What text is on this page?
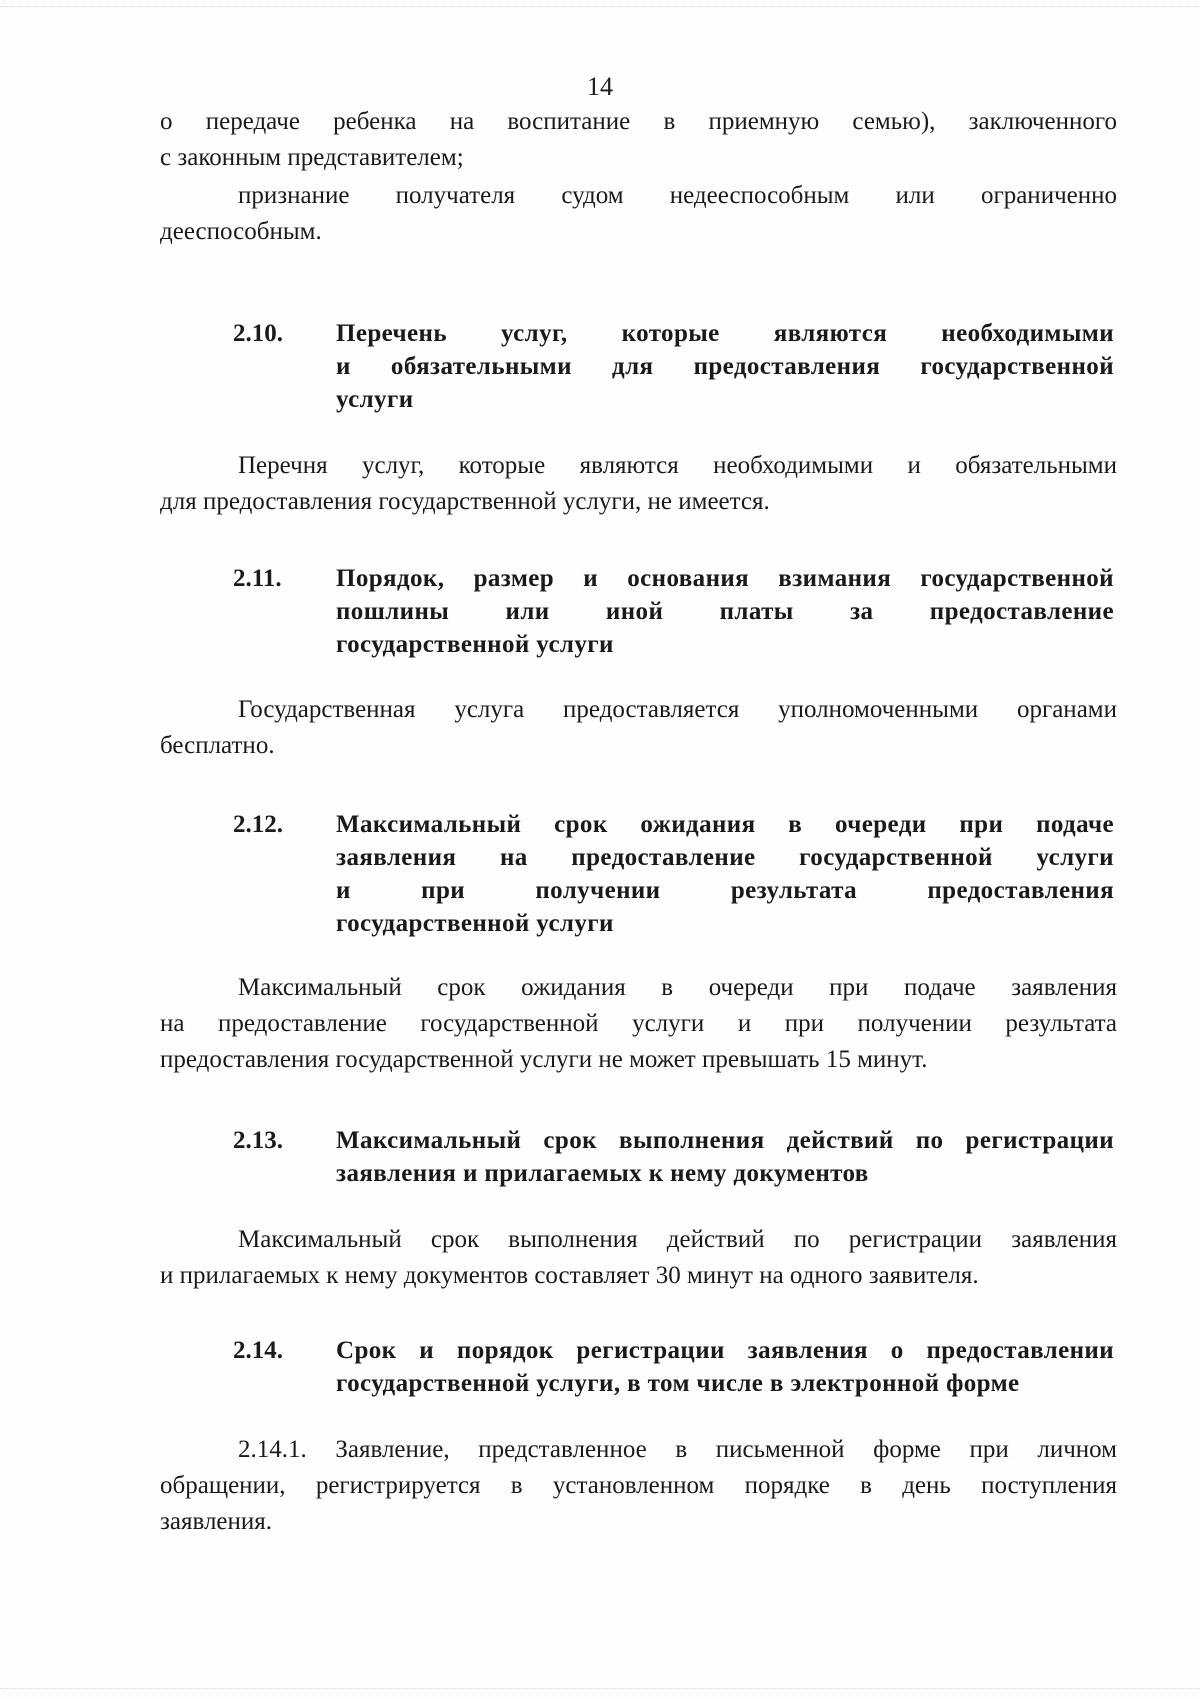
14
о передаче ребенка на воспитание в приемную семью), заключенного
с законным представителем;
признание получателя судом недееспособным или ограниченно
дееспособным.
2.10. Перечень услуг, которые являются необходимыми
и обязательными для предоставления государственной
услуги
Перечня услуг, которые являются необходимыми и обязательными
для предоставления государственной услуги, не имеется.
2.11. Порядок, размер и основания взимания государственной
пошлины или иной платы за предоставление
государственной услуги
Государственная услуга предоставляется уполномоченными органами
бесплатно.
2.12. Максимальный срок ожидания в очереди при подаче
заявления на предоставление государственной услуги
и при получении результата предоставления
государственной услуги
Максимальный срок ожидания в очереди при подаче заявления
на предоставление государственной услуги и при получении результата
предоставления государственной услуги не может превышать 15 минут.
2.13. Максимальный срок выполнения действий по регистрации
заявления и прилагаемых к нему документов
Максимальный срок выполнения действий по регистрации заявления
и прилагаемых к нему документов составляет 30 минут на одного заявителя.
2.14. Срок и порядок регистрации заявления о предоставлении
государственной услуги, в том числе в электронной форме
2.14.1. Заявление, представленное в письменной форме при личном
обращении, регистрируется в установленном порядке в день поступления
заявления.
